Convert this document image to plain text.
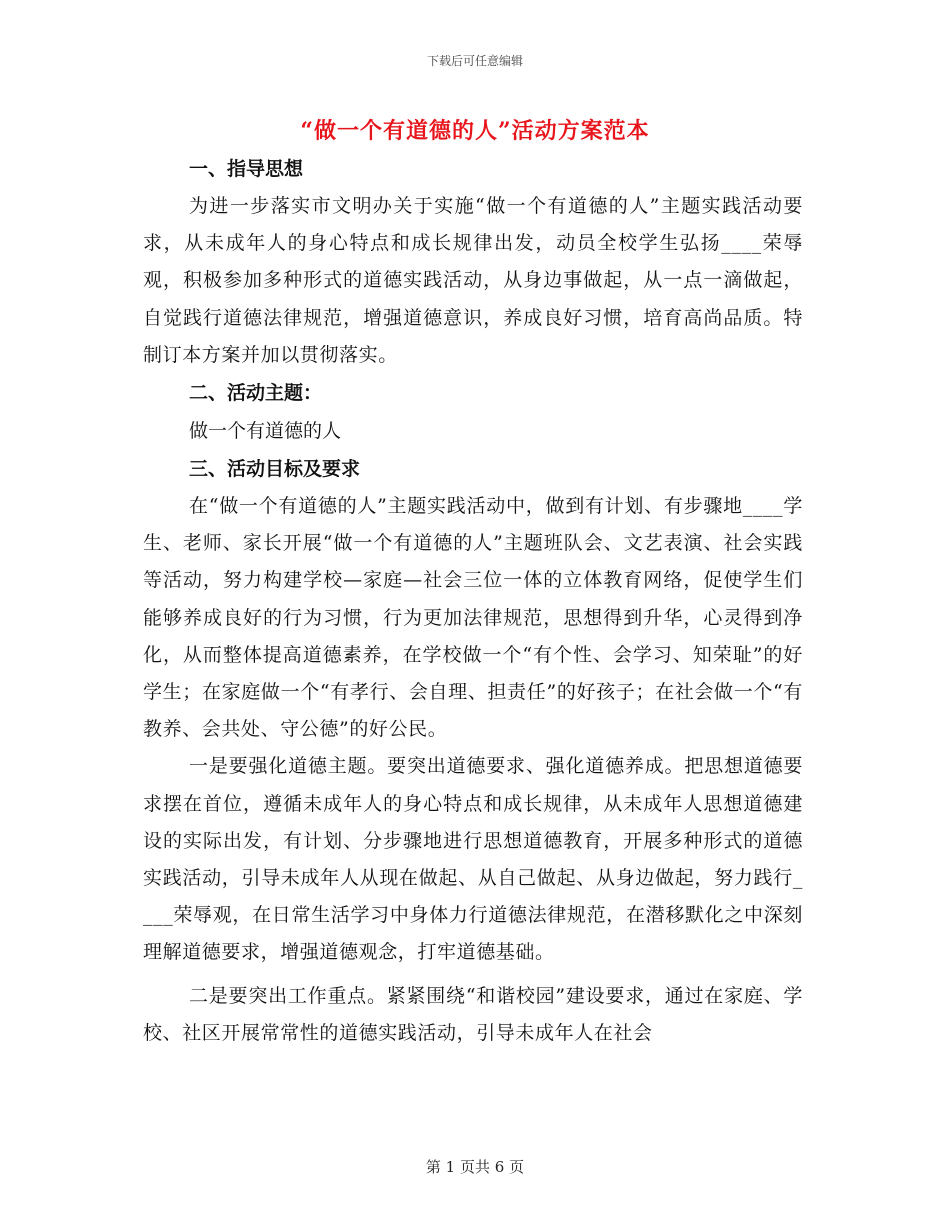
下载后可任意编辑
“做一个有道德的人”活动方案范本

一、指导思想

为进一步落实市文明办关于实施“做一个有道德的人”主题实践活动要求，从未成年人的身心特点和成长规律出发，动员全校学生弘扬____荣辱观，积极参加多种形式的道德实践活动，从身边事做起，从一点一滴做起，自觉践行道德法律规范，增强道德意识，养成良好习惯，培育高尚品质。特制订本方案并加以贯彻落实。

二、活动主题：

做一个有道德的人

三、活动目标及要求

在“做一个有道德的人”主题实践活动中，做到有计划、有步骤地____学生、老师、家长开展“做一个有道德的人”主题班队会、文艺表演、社会实践等活动，努力构建学校—家庭—社会三位一体的立体教育网络，促使学生们能够养成良好的行为习惯，行为更加法律规范，思想得到升华，心灵得到净化，从而整体提高道德素养，在学校做一个“有个性、会学习、知荣耻”的好学生；在家庭做一个“有孝行、会自理、担责任”的好孩子；在社会做一个“有教养、会共处、守公德”的好公民。

一是要强化道德主题。要突出道德要求、强化道德养成。把思想道德要求摆在首位，遵循未成年人的身心特点和成长规律，从未成年人思想道德建设的实际出发，有计划、分步骤地进行思想道德教育，开展多种形式的道德实践活动，引导未成年人从现在做起、从自己做起、从身边做起，努力践行____荣辱观，在日常生活学习中身体力行道德法律规范，在潜移默化之中深刻理解道德要求，增强道德观念，打牢道德基础。

二是要突出工作重点。紧紧围绕“和谐校园”建设要求，通过在家庭、学校、社区开展常常性的道德实践活动，引导未成年人在社会

第 1 页共 6 页
